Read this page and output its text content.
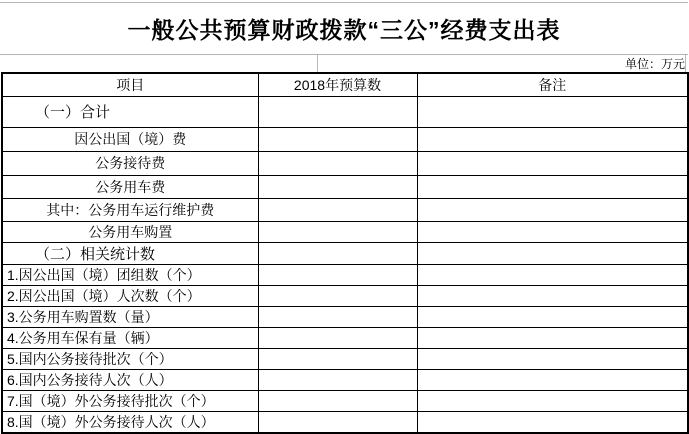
一般公共预算财政拨款“三公”经费支出表
单位：万元
项目	2018年预算数	备注
（一）合计		
因公出国（境）费		
公务接待费		
公务用车费		
其中：公务用车运行维护费		
公务用车购置		
（二）相关统计数		
1.因公出国（境）团组数（个）		
2.因公出国（境）人次数（个）		
3.公务用车购置数（量）		
4.公务用车保有量（辆）		
5.国内公务接待批次（个）		
6.国内公务接待人次（人）		
7.国（境）外公务接待批次（个）		
8.国（境）外公务接待人次（人）		
